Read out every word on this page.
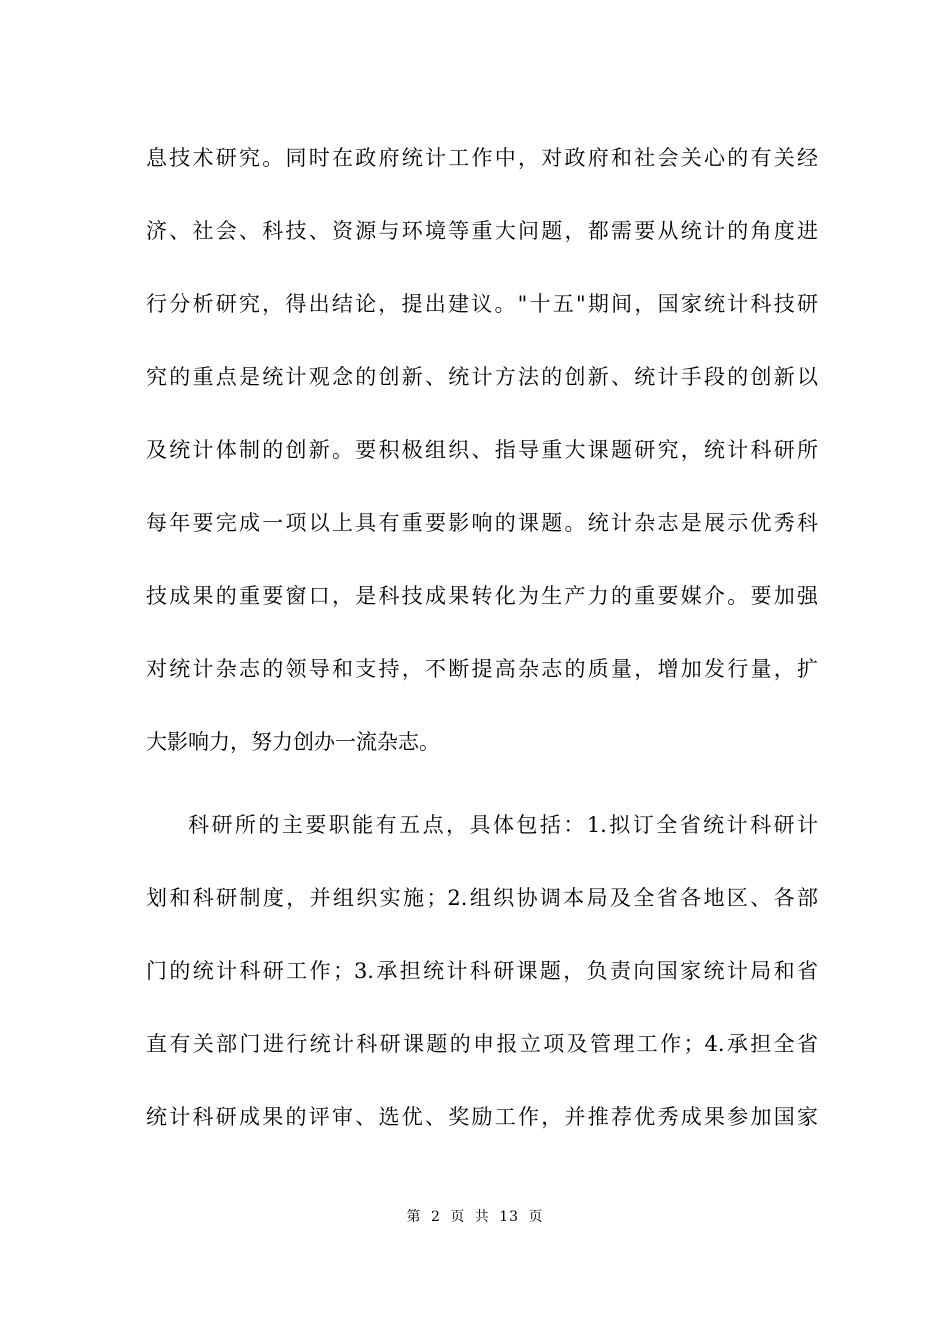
息技术研究。同时在政府统计工作中，对政府和社会关心的有关经
济、社会、科技、资源与环境等重大问题，都需要从统计的角度进
行分析研究，得出结论，提出建议。"十五"期间，国家统计科技研
究的重点是统计观念的创新、统计方法的创新、统计手段的创新以
及统计体制的创新。要积极组织、指导重大课题研究，统计科研所
每年要完成一项以上具有重要影响的课题。统计杂志是展示优秀科
技成果的重要窗口，是科技成果转化为生产力的重要媒介。要加强
对统计杂志的领导和支持，不断提高杂志的质量，增加发行量，扩
大影响力，努力创办一流杂志。
科研所的主要职能有五点，具体包括：1.拟订全省统计科研计
划和科研制度，并组织实施；2.组织协调本局及全省各地区、各部
门的统计科研工作；3.承担统计科研课题，负责向国家统计局和省
直有关部门进行统计科研课题的申报立项及管理工作；4.承担全省
统计科研成果的评审、选优、奖励工作，并推荐优秀成果参加国家
第 2 页 共 13 页
